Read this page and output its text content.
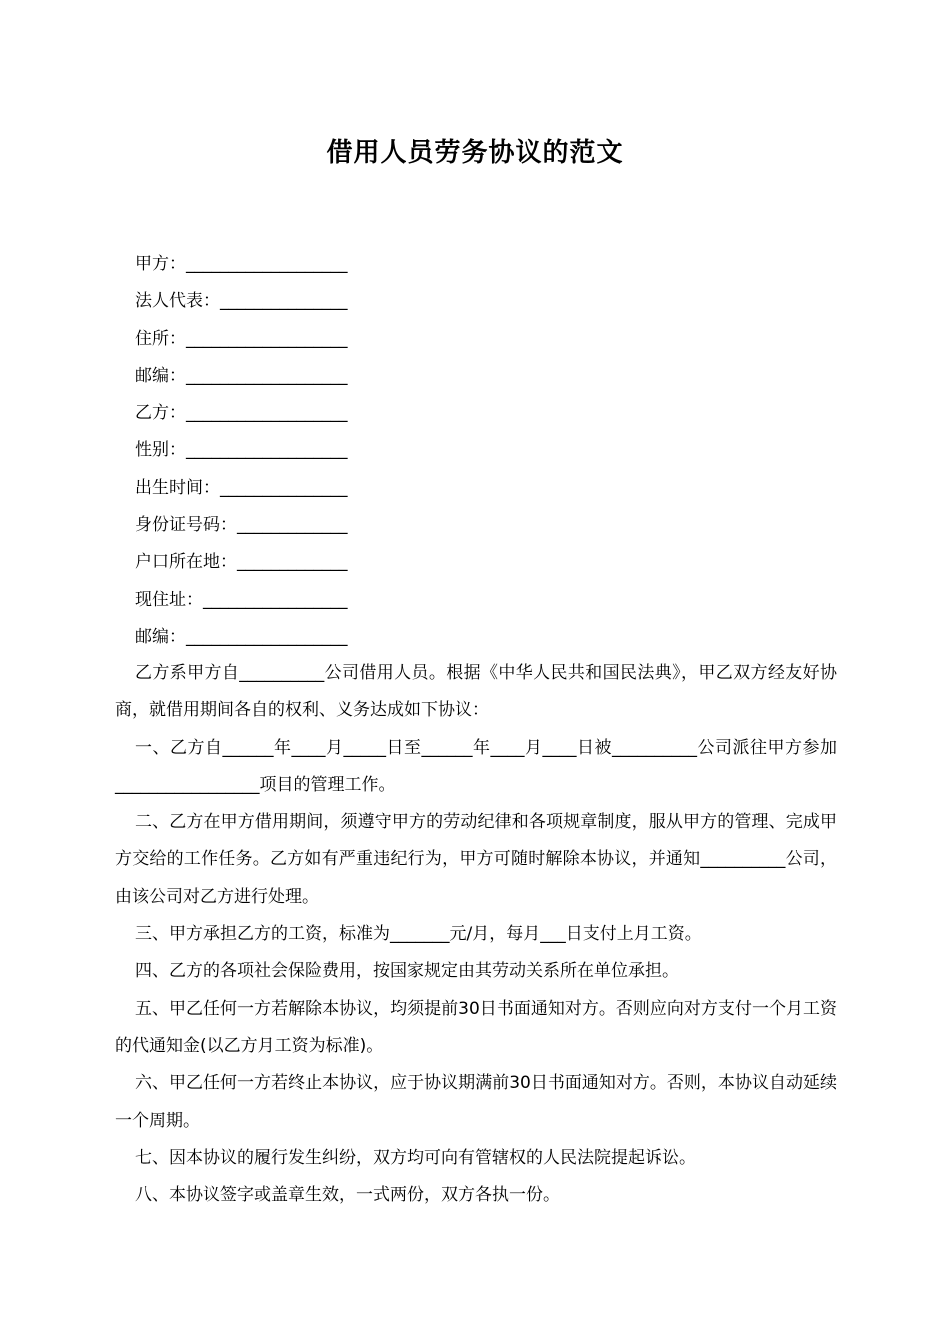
借用人员劳务协议的范文
甲方：___________________
法人代表：_______________
住所：___________________
邮编：___________________
乙方：___________________
性别：___________________
出生时间：_______________
身份证号码：_____________
户口所在地：_____________
现住址：_________________
邮编：___________________

乙方系甲方自__________公司借用人员。根据《中华人民共和国民法典》，甲乙双方经友好协商，就借用期间各自的权利、义务达成如下协议：

一、乙方自______年____月_____日至______年____月____日被__________公司派往甲方参加_________________项目的管理工作。

二、乙方在甲方借用期间，须遵守甲方的劳动纪律和各项规章制度，服从甲方的管理、完成甲方交给的工作任务。乙方如有严重违纪行为，甲方可随时解除本协议，并通知__________公司，由该公司对乙方进行处理。

三、甲方承担乙方的工资，标准为_______元/月，每月___日支付上月工资。

四、乙方的各项社会保险费用，按国家规定由其劳动关系所在单位承担。

五、甲乙任何一方若解除本协议，均须提前30日书面通知对方。否则应向对方支付一个月工资的代通知金(以乙方月工资为标准)。

六、甲乙任何一方若终止本协议，应于协议期满前30日书面通知对方。否则，本协议自动延续一个周期。

七、因本协议的履行发生纠纷，双方均可向有管辖权的人民法院提起诉讼。

八、本协议签字或盖章生效，一式两份，双方各执一份。
